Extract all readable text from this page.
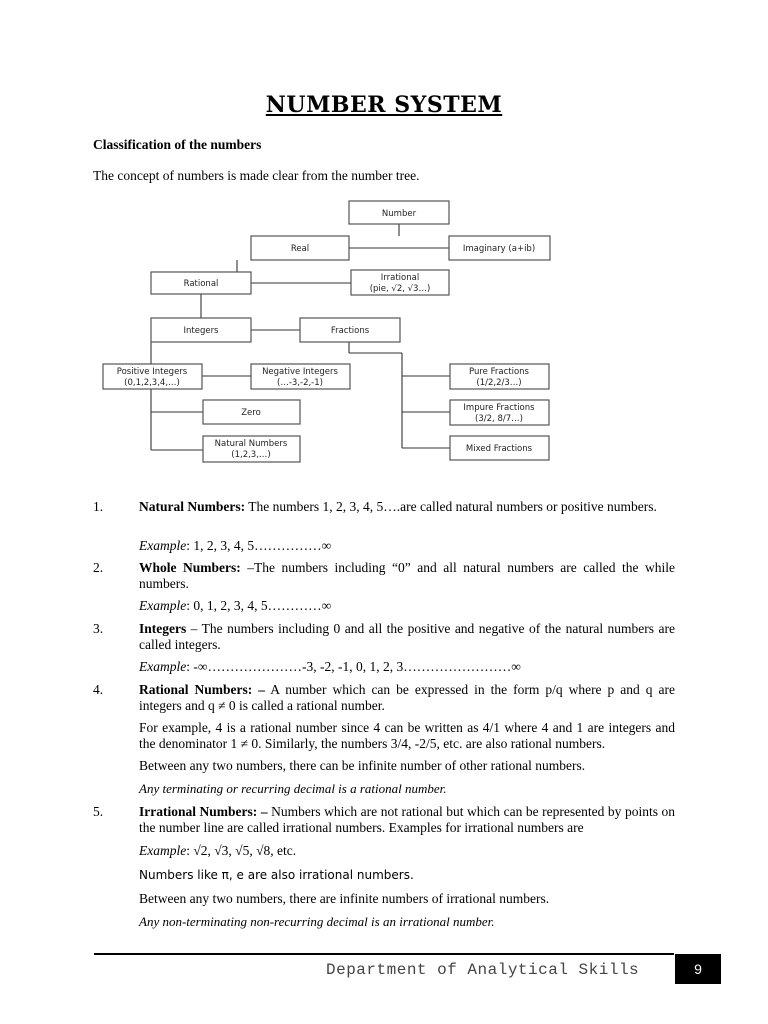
NUMBER SYSTEM
Classification of the numbers
The concept of numbers is made clear from the number tree.
Number
Real	Imaginary (a+ib)
Rational
Irrational
(pie, √2, √3…)
Integers	Fractions
Positive Integers
(0,1,2,3,4,…)
Negative Integers
(…-3,-2,-1)
Zero
Natural Numbers
(1,2,3,…)
Pure Fractions
(1/2,2/3…)
Impure Fractions
(3/2, 8/7…)
Mixed Fractions
1.	Natural Numbers: The numbers 1, 2, 3, 4, 5….are called natural numbers or positive numbers.
Example: 1, 2, 3, 4, 5……………∞
2.	Whole Numbers: –The numbers including “0” and all natural numbers are called the while numbers.
Example: 0, 1, 2, 3, 4, 5…………∞
3.	Integers – The numbers including 0 and all the positive and negative of the natural numbers are called integers.
Example: -∞…………………-3, -2, -1, 0, 1, 2, 3……………………∞
4.	Rational Numbers: – A number which can be expressed in the form p/q where p and q are integers and q ≠ 0 is called a rational number.
For example, 4 is a rational number since 4 can be written as 4/1 where 4 and 1 are integers and the denominator 1 ≠ 0. Similarly, the numbers 3/4, -2/5, etc. are also rational numbers.
Between any two numbers, there can be infinite number of other rational numbers.
Any terminating or recurring decimal is a rational number.
5.	Irrational Numbers: – Numbers which are not rational but which can be represented by points on the number line are called irrational numbers. Examples for irrational numbers are
Example: √2, √3, √5, √8, etc.
Numbers like π, e are also irrational numbers.
Between any two numbers, there are infinite numbers of irrational numbers.
Any non-terminating non-recurring decimal is an irrational number.
Department of Analytical Skills	9
